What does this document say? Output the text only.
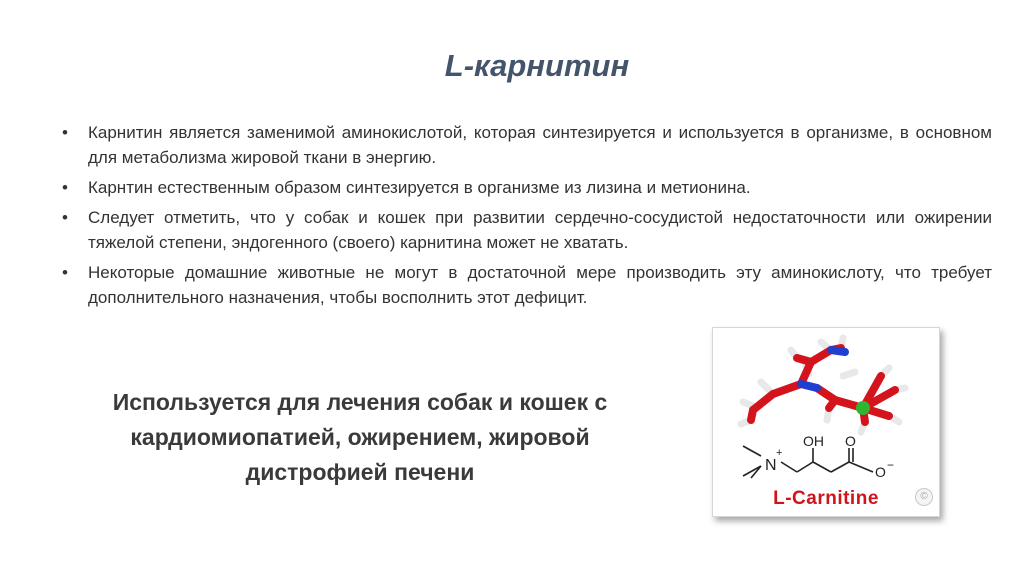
L-карнитин
• Карнитин является заменимой аминокислотой, которая синтезируется и используется в организме, в основном для метаболизма жировой ткани в энергию.
• Карнтин естественным образом синтезируется в организме из лизина и метионина.
• Следует отметить, что у собак и кошек при развитии сердечно-сосудистой недостаточности или ожирении тяжелой степени, эндогенного (своего) карнитина может не хватать.
• Некоторые домашние животные не могут в достаточной мере производить эту аминокислоту, что требует дополнительного назначения, чтобы восполнить этот дефицит.
Используется для лечения собак и кошек с кардиомиопатией, ожирением, жировой дистрофией печени	N
+
OH O
O −
L-Carnitine	©
